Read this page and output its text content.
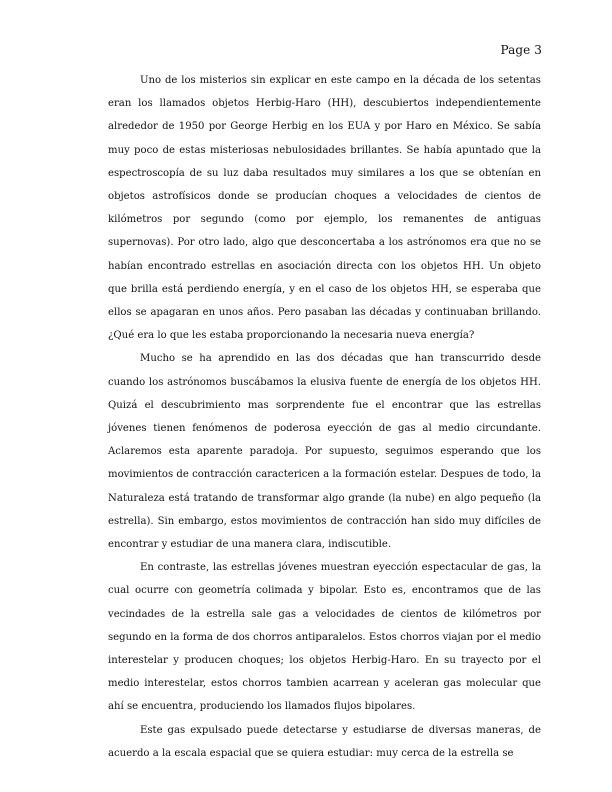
Page 3

Uno de los misterios sin explicar en este campo en la década de los setentas eran los llamados objetos Herbig-Haro (HH), descubiertos independientemente alrededor de 1950 por George Herbig en los EUA y por Haro en México. Se sabía muy poco de estas misteriosas nebulosidades brillantes. Se había apuntado que la espectroscopía de su luz daba resultados muy similares a los que se obtenían en objetos astrofísicos donde se producían choques a velocidades de cientos de kilómetros por segundo (como por ejemplo, los remanentes de antiguas supernovas). Por otro lado, algo que desconcertaba a los astrónomos era que no se habían encontrado estrellas en asociación directa con los objetos HH. Un objeto que brilla está perdiendo energía, y en el caso de los objetos HH, se esperaba que ellos se apagaran en unos años. Pero pasaban las décadas y continuaban brillando. ¿Qué era lo que les estaba proporcionando la necesaria nueva energía?

Mucho se ha aprendido en las dos décadas que han transcurrido desde cuando los astrónomos buscábamos la elusiva fuente de energía de los objetos HH. Quizá el descubrimiento mas sorprendente fue el encontrar que las estrellas jóvenes tienen fenómenos de poderosa eyección de gas al medio circundante. Aclaremos esta aparente paradoja. Por supuesto, seguimos esperando que los movimientos de contracción caractericen a la formación estelar. Despues de todo, la Naturaleza está tratando de transformar algo grande (la nube) en algo pequeño (la estrella). Sin embargo, estos movimientos de contracción han sido muy difíciles de encontrar y estudiar de una manera clara, indiscutible.

En contraste, las estrellas jóvenes muestran eyección espectacular de gas, la cual ocurre con geometría colimada y bipolar. Esto es, encontramos que de las vecindades de la estrella sale gas a velocidades de cientos de kilómetros por segundo en la forma de dos chorros antiparalelos. Estos chorros viajan por el medio interestelar y producen choques; los objetos Herbig-Haro. En su trayecto por el medio interestelar, estos chorros tambien acarrean y aceleran gas molecular que ahí se encuentra, produciendo los llamados flujos bipolares.

Este gas expulsado puede detectarse y estudiarse de diversas maneras, de acuerdo a la escala espacial que se quiera estudiar: muy cerca de la estrella se
